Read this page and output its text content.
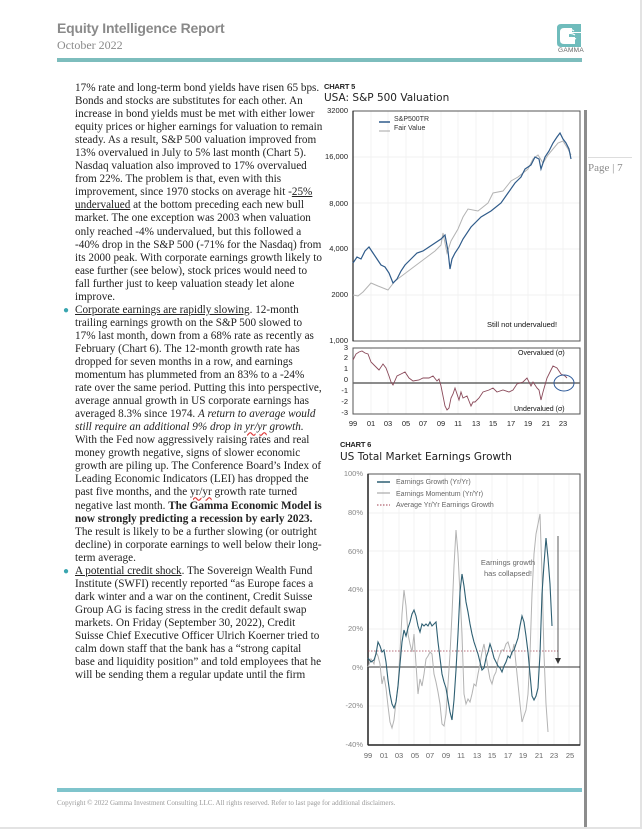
Equity Intelligence Report
October 2022	GAMMA
Page | 7

17% rate and long-term bond yields have risen 65 bps. Bonds and stocks are substitutes for each other. An increase in bond yields must be met with either lower equity prices or higher earnings for valuation to remain steady. As a result, S&P 500 valuation improved from 13% overvalued in July to 5% last month (Chart 5). Nasdaq valuation also improved to 17% overvalued from 22%. The problem is that, even with this improvement, since 1970 stocks on average hit -25% undervalued at the bottom preceding each new bull market. The one exception was 2003 when valuation only reached -4% undervalued, but this followed a -40% drop in the S&P 500 (-71% for the Nasdaq) from its 2000 peak. With corporate earnings growth likely to ease further (see below), stock prices would need to fall further just to keep valuation steady let alone improve.

● Corporate earnings are rapidly slowing. 12-month trailing earnings growth on the S&P 500 slowed to 17% last month, down from a 68% rate as recently as February (Chart 6). The 12-month growth rate has dropped for seven months in a row, and earnings momentum has plummeted from an 83% to a -24% rate over the same period. Putting this into perspective, average annual growth in US corporate earnings has averaged 8.3% since 1974. A return to average would still require an additional 9% drop in yr/yr growth. With the Fed now aggressively raising rates and real money growth negative, signs of slower economic growth are piling up. The Conference Board’s Index of Leading Economic Indicators (LEI) has dropped the past five months, and the yr/yr growth rate turned negative last month. The Gamma Economic Model is now strongly predicting a recession by early 2023. The result is likely to be a further slowing (or outright decline) in corporate earnings to well below their long-term average.

● A potential credit shock. The Sovereign Wealth Fund Institute (SWFI) recently reported “as Europe faces a dark winter and a war on the continent, Credit Suisse Group AG is facing stress in the credit default swap markets. On Friday (September 30, 2022), Credit Suisse Chief Executive Officer Ulrich Koerner tried to calm down staff that the bank has a “strong capital base and liquidity position” and told employees that he will be sending them a regular update until the firm

CHART 5
USA: S&P 500 Valuation
32000
16,000
8,000
4,000
2000
1,000
S&P500TR
Fair Value
Still not undervalued!
3
2
1
0
-1
-2
-3
Overvalued (σ)
Undervalued (σ)
99	01	03	05	07	09	11	13	15	17	19	21	23
CHART 6
US Total Market Earnings Growth
100%
80%
60%
40%
20%
0%
-20%
-40%
Earnings Growth (Yr/Yr)
Earnings Momentum (Yr/Yr)
Average Yr/Yr Earnings Growth
Earnings growth
has collapsed!
99	01 03	05 07	09 11	13 15	17 19	21 23	25
Copyright © 2022 Gamma Investment Consulting LLC. All rights reserved. Refer to last page for additional disclaimers.
